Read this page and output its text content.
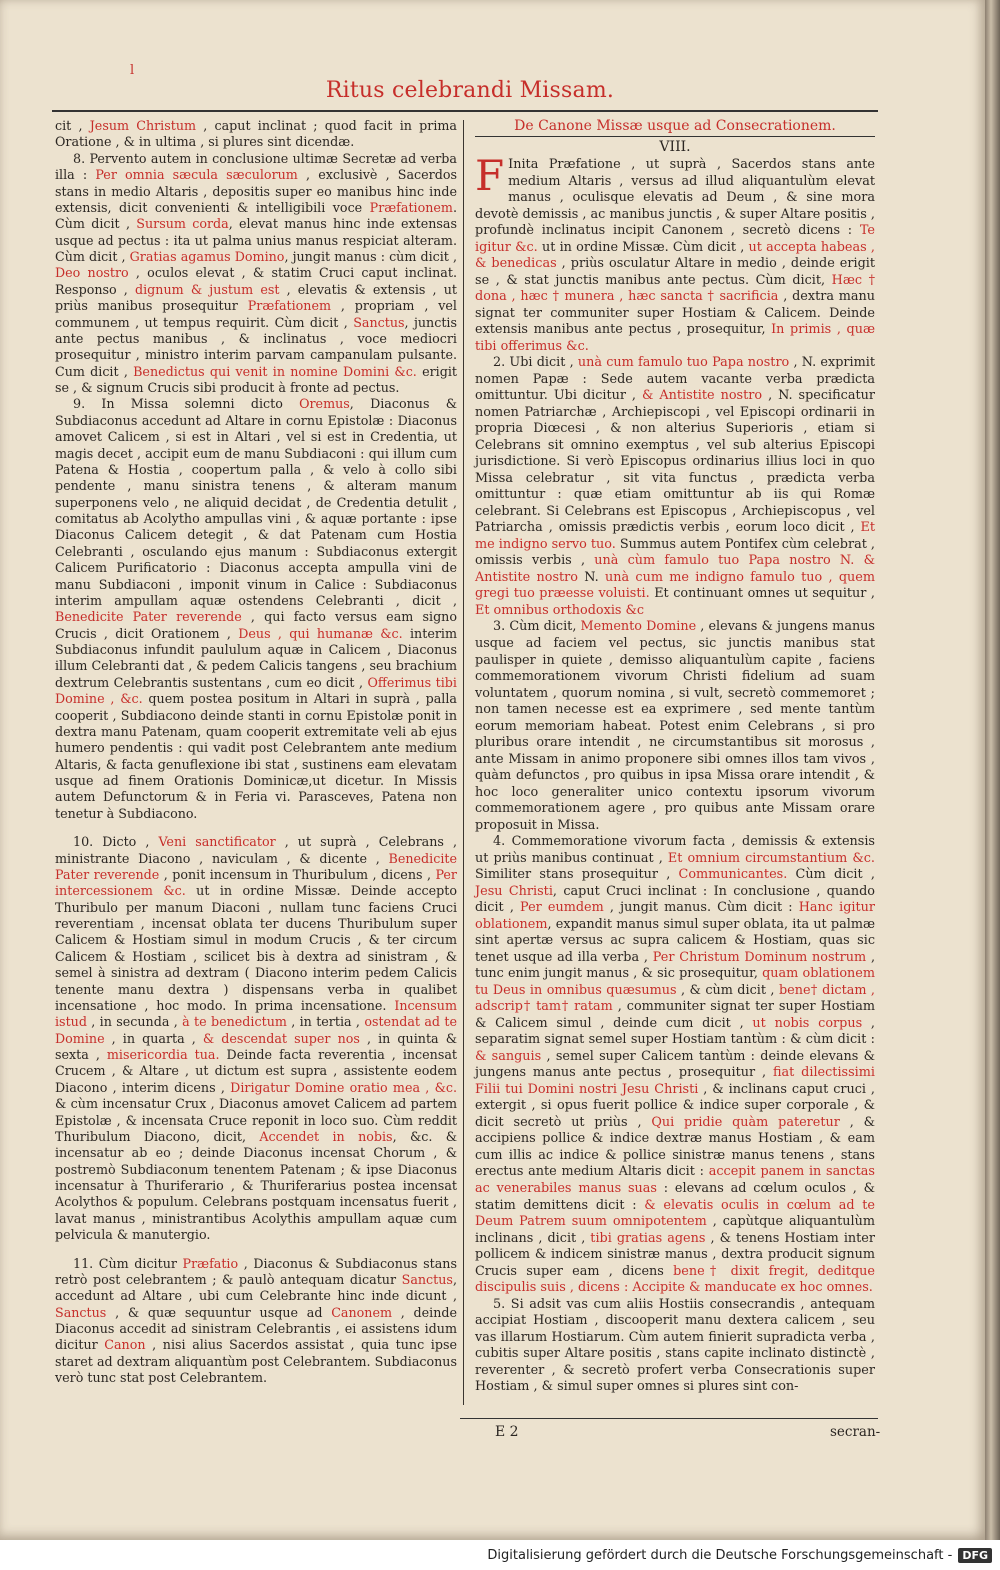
l
Ritus celebrandi Missam.

cit , Jesum Christum , caput inclinat ; quod facit in prima Oratione , & in ultima , si plures sint dicendæ.

8. Pervento autem in conclusione ultimæ Secretæ ad verba illa : Per omnia sæcula sæculorum , exclusivè , Sacerdos stans in medio Altaris , depositis super eo manibus hinc inde extensis, dicit convenienti & intelligibili voce Præfationem. Cùm dicit , Sursum corda, elevat manus hinc inde extensas usque ad pectus : ita ut palma unius manus respiciat alteram. Cùm dicit , Gratias agamus Domino, jungit manus : cùm dicit , Deo nostro , oculos elevat , & statim Cruci caput inclinat. Responso , dignum & justum est , elevatis & extensis , ut priùs manibus prosequitur Præfationem , propriam , vel communem , ut tempus requirit. Cùm dicit , Sanctus, junctis ante pectus manibus , & inclinatus , voce mediocri prosequitur , ministro interim parvam campanulam pulsante. Cum dicit , Benedictus qui venit in nomine Domini &c. erigit se , & signum Crucis sibi producit à fronte ad pectus.

9. In Missa solemni dicto Oremus, Diaconus & Subdiaconus accedunt ad Altare in cornu Epistolæ : Diaconus amovet Calicem , si est in Altari , vel si est in Credentia, ut magis decet , accipit eum de manu Subdiaconi : qui illum cum Patena & Hostia , coopertum palla , & velo à collo sibi pendente , manu sinistra tenens , & alteram manum superponens velo , ne aliquid decidat , de Credentia detulit , comitatus ab Acolytho ampullas vini , & aquæ portante : ipse Diaconus Calicem detegit , & dat Patenam cum Hostia Celebranti , osculando ejus manum : Subdiaconus extergit Calicem Purificatorio : Diaconus accepta ampulla vini de manu Subdiaconi , imponit vinum in Calice : Subdiaconus interim ampullam aquæ ostendens Celebranti , dicit , Benedicite Pater reverende , qui facto versus eam signo Crucis , dicit Orationem , Deus , qui humanæ &c. interim Subdiaconus infundit paululum aquæ in Calicem , Diaconus illum Celebranti dat , & pedem Calicis tangens , seu brachium dextrum Celebrantis sustentans , cum eo dicit , Offerimus tibi Domine , &c. quem postea positum in Altari in suprà , palla cooperit , Subdiacono deinde stanti in cornu Epistolæ ponit in dextra manu Patenam, quam cooperit extremitate veli ab ejus humero pendentis : qui vadit post Celebrantem ante medium Altaris, & facta genuflexione ibi stat , sustinens eam elevatam usque ad finem Orationis Dominicæ,ut dicetur. In Missis autem Defunctorum & in Feria vi. Parasceves, Patena non tenetur à Subdiacono.

10. Dicto , Veni sanctificator , ut suprà , Celebrans , ministrante Diacono , naviculam , & dicente , Benedicite Pater reverende , ponit incensum in Thuribulum , dicens , Per intercessionem &c. ut in ordine Missæ. Deinde accepto Thuribulo per manum Diaconi , nullam tunc faciens Cruci reverentiam , incensat oblata ter ducens Thuribulum super Calicem & Hostiam simul in modum Crucis , & ter circum Calicem & Hostiam , scilicet bis à dextra ad sinistram , & semel à sinistra ad dextram ( Diacono interim pedem Calicis tenente manu dextra ) dispensans verba in qualibet incensatione , hoc modo. In prima incensatione. Incensum istud , in secunda , à te benedictum , in tertia , ostendat ad te Domine , in quarta , & descendat super nos , in quinta & sexta , misericordia tua. Deinde facta reverentia , incensat Crucem , & Altare , ut dictum est supra , assistente eodem Diacono , interim dicens , Dirigatur Domine oratio mea , &c. & cùm incensatur Crux , Diaconus amovet Calicem ad partem Epistolæ , & incensata Cruce reponit in loco suo. Cùm reddit Thuribulum Diacono, dicit, Accendet in nobis, &c. & incensatur ab eo ; deinde Diaconus incensat Chorum , & postremò Subdiaconum tenentem Patenam ; & ipse Diaconus incensatur à Thuriferario , & Thuriferarius postea incensat Acolythos & populum. Celebrans postquam incensatus fuerit , lavat manus , ministrantibus Acolythis ampullam aquæ cum pelvicula & manutergio.

11. Cùm dicitur Præfatio , Diaconus & Subdiaconus stans retrò post celebrantem ; & paulò antequam dicatur Sanctus, accedunt ad Altare , ubi cum Celebrante hinc inde dicunt , Sanctus , & quæ sequuntur usque ad Canonem , deinde Diaconus accedit ad sinistram Celebrantis , ei assistens idum dicitur Canon , nisi alius Sacerdos assistat , quia tunc ipse staret ad dextram aliquantùm post Celebrantem. Subdiaconus verò tunc stat post Celebrantem.

De Canone Missæ usque ad Consecrationem.
VIII.

F Inita Præfatione , ut suprà , Sacerdos stans ante medium Altaris , versus ad illud aliquantulùm elevat manus , oculisque elevatis ad Deum , & sine mora devotè demissis , ac manibus junctis , & super Altare positis , profundè inclinatus incipit Canonem , secretò dicens : Te igitur &c. ut in ordine Missæ. Cùm dicit , ut accepta habeas , & benedicas , priùs osculatur Altare in medio , deinde erigit se , & stat junctis manibus ante pectus. Cùm dicit, Hæc † dona , hæc † munera , hæc sancta † sacrificia , dextra manu signat ter communiter super Hostiam & Calicem. Deinde extensis manibus ante pectus , prosequitur, In primis , quæ tibi offerimus &c.

2. Ubi dicit , unà cum famulo tuo Papa nostro , N. exprimit nomen Papæ : Sede autem vacante verba prædicta omittuntur. Ubi dicitur , & Antistite nostro , N. specificatur nomen Patriarchæ , Archiepiscopi , vel Episcopi ordinarii in propria Diœcesi , & non alterius Superioris , etiam si Celebrans sit omnino exemptus , vel sub alterius Episcopi jurisdictione. Si verò Episcopus ordinarius illius loci in quo Missa celebratur , sit vita functus , prædicta verba omittuntur : quæ etiam omittuntur ab iis qui Romæ celebrant. Si Celebrans est Episcopus , Archiepiscopus , vel Patriarcha , omissis prædictis verbis , eorum loco dicit , Et me indigno servo tuo. Summus autem Pontifex cùm celebrat , omissis verbis , unà cùm famulo tuo Papa nostro N. & Antistite nostro N. unà cum me indigno famulo tuo , quem gregi tuo præesse voluisti. Et continuant omnes ut sequitur , Et omnibus orthodoxis &c

3. Cùm dicit, Memento Domine , elevans & jungens manus usque ad faciem vel pectus, sic junctis manibus stat paulisper in quiete , demisso aliquantulùm capite , faciens commemorationem vivorum Christi fidelium ad suam voluntatem , quorum nomina , si vult, secretò commemoret ; non tamen necesse est ea exprimere , sed mente tantùm eorum memoriam habeat. Potest enim Celebrans , si pro pluribus orare intendit , ne circumstantibus sit morosus , ante Missam in animo proponere sibi omnes illos tam vivos , quàm defunctos , pro quibus in ipsa Missa orare intendit , & hoc loco generaliter unico contextu ipsorum vivorum commemorationem agere , pro quibus ante Missam orare proposuit in Missa.

4. Commemoratione vivorum facta , demissis & extensis ut priùs manibus continuat , Et omnium circumstantium &c. Similiter stans prosequitur , Communicantes. Cùm dicit , Jesu Christi, caput Cruci inclinat : In conclusione , quando dicit , Per eumdem , jungit manus. Cùm dicit : Hanc igitur oblationem, expandit manus simul super oblata, ita ut palmæ sint apertæ versus ac supra calicem & Hostiam, quas sic tenet usque ad illa verba , Per Christum Dominum nostrum , tunc enim jungit manus , & sic prosequitur, quam oblationem tu Deus in omnibus quæsumus , & cùm dicit , bene† dictam , adscrip† tam† ratam , communiter signat ter super Hostiam & Calicem simul , deinde cum dicit , ut nobis corpus , separatim signat semel super Hostiam tantùm : & cùm dicit : & sanguis , semel super Calicem tantùm : deinde elevans & jungens manus ante pectus , prosequitur , fiat dilectissimi Filii tui Domini nostri Jesu Christi , & inclinans caput cruci , extergit , si opus fuerit pollice & indice super corporale , & dicit secretò ut priùs , Qui pridie quàm pateretur , & accipiens pollice & indice dextræ manus Hostiam , & eam cum illis ac indice & pollice sinistræ manus tenens , stans erectus ante medium Altaris dicit : accepit panem in sanctas ac venerabiles manus suas : elevans ad cœlum oculos , & statim demittens dicit : & elevatis oculis in cœlum ad te Deum Patrem suum omnipotentem , capùtque aliquantulùm inclinans , dicit , tibi gratias agens , & tenens Hostiam inter pollicem & indicem sinistræ manus , dextra producit signum Crucis super eam , dicens bene† dixit fregit, deditque discipulis suis , dicens : Accipite & manducate ex hoc omnes.

5. Si adsit vas cum aliis Hostiis consecrandis , antequam accipiat Hostiam , discooperit manu dextera calicem , seu vas illarum Hostiarum. Cùm autem finierit supradicta verba , cubitis super Altare positis , stans capite inclinato distinctè , reverenter , & secretò profert verba Consecrationis super Hostiam , & simul super omnes si plures sint con-

E 2	secran-
Digitalisierung gefördert durch die Deutsche Forschungsgemeinschaft - DFG
